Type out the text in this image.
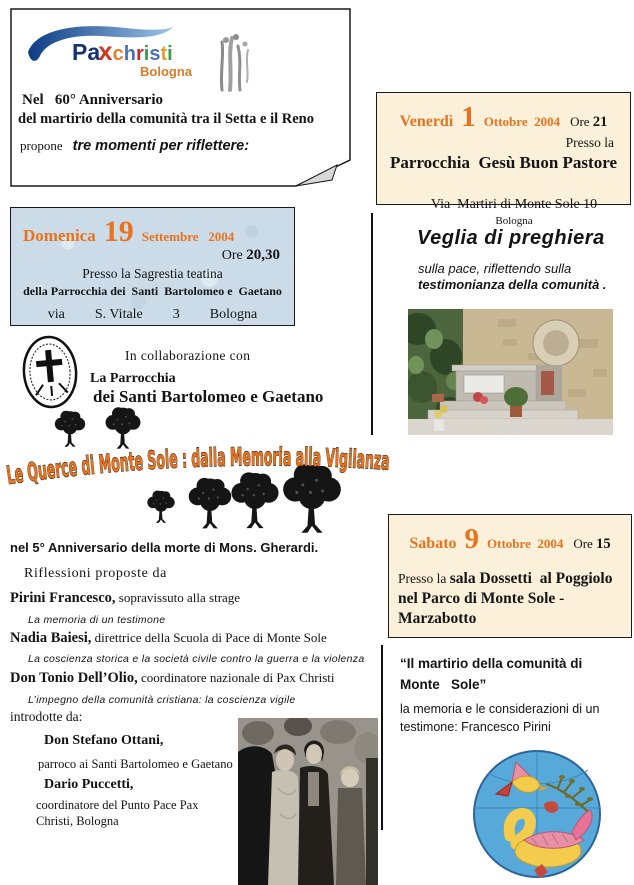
Paxchristi
Bologna
Nel   60° Anniversario
del martirio della comunità tra il Setta e il Reno
propone tre momenti per riflettere:
Venerdì 1 Ottobre  2004 Ore 21
Presso la
Parrocchia  Gesù Buon Pastore

Via  Martiri di Monte Sole 10
Bologna

Domenica 19 Settembre   2004
Ore 20,30
Presso la Sagrestia teatina
della Parrocchia dei  Santi  Bartolomeo e  Gaetano
via S. Vitale 3 Bologna
Veglia di preghiera
sulla pace, riflettendo sulla
testimonianza della comunità .
In collaborazione con
La Parrocchia
dei Santi Bartolomeo e Gaetano
Le Querce di Monte Sole : dalla Memoria alla Vigilanza
nel 5° Anniversario della morte di Mons. Gherardi.
Riflessioni proposte da
Pirini Francesco, sopravissuto alla strage
La memoria di un testimone
Nadia Baiesi, direttrice della Scuola di Pace di Monte Sole
La coscienza storica e la società civile contro la guerra e la violenza
Don Tonio Dell’Olio, coordinatore nazionale di Pax Christi
L’impegno della comunità cristiana: la coscienza vigile
introdotte da:
Don Stefano Ottani,
parroco ai Santi Bartolomeo e Gaetano
Dario Puccetti,
coordinatore del Punto Pace Pax Christi, Bologna
Sabato 9 Ottobre  2004 Ore 15
Presso la sala Dossetti  al Poggiolo nel Parco di Monte Sole -  Marzabotto
“Il martirio della comunità di Monte   Sole”
la memoria e le considerazioni di un testimone: Francesco Pirini
